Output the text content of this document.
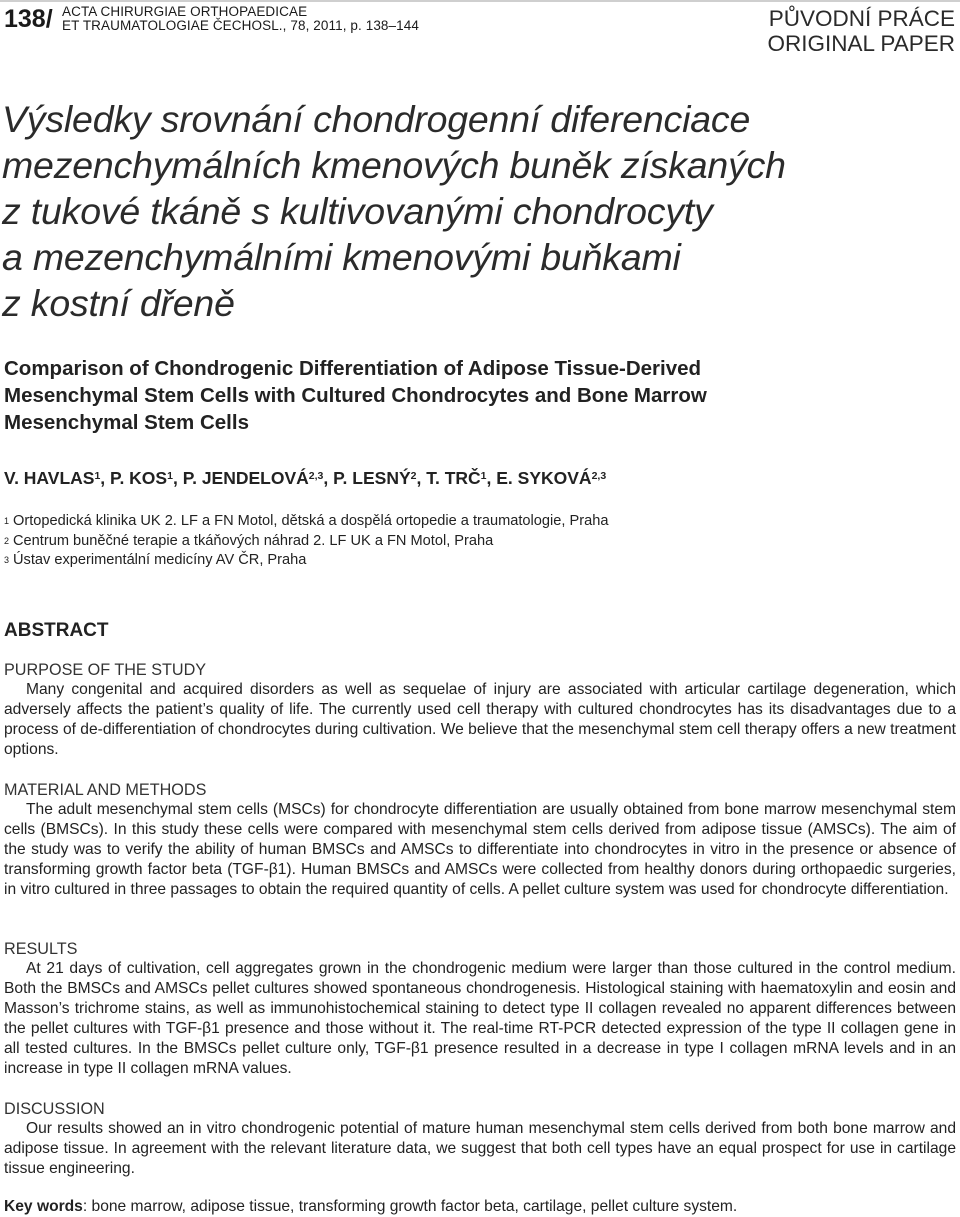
138/ ACTA CHIRURGIAE ORTHOPAEDICAE
ET TRAUMATOLOGIAE ČECHOSL., 78, 2011, p. 138–144	PŮVODNÍ PRÁCE
ORIGINAL PAPER
Výsledky srovnání chondrogenní diferenciace
mezenchymálních kmenových buněk získaných
z tukové tkáně s kultivovanými chondrocyty
a mezenchymálními kmenovými buňkami
z kostní dřeně
Comparison of Chondrogenic Differentiation of Adipose Tissue-Derived
Mesenchymal Stem Cells with Cultured Chondrocytes and Bone Marrow
Mesenchymal Stem Cells
V. HAVLAS$^1$, P. KOS$^1$, P. JENDELOVÁ$^{2,3}$, P. LESNÝ$^2$, T. TRČ$^1$, E. SYKOVÁ$^{2,3}$
$^1$ Ortopedická klinika UK 2. LF a FN Motol, dětská a dospělá ortopedie a traumatologie, Praha
$^2$ Centrum buněčné terapie a tkáňových náhrad 2. LF UK a FN Motol, Praha
$^3$ Ústav experimentální medicíny AV ČR, Praha
ABSTRACT
PURPOSE OF THE STUDY
Many congenital and acquired disorders as well as sequelae of injury are associated with articular cartilage degeneration, which adversely affects the patient’s quality of life. The currently used cell therapy with cultured chondrocytes has its disadvantages due to a process of de-differentiation of chondrocytes during cultivation. We believe that the mesenchymal stem cell therapy offers a new treatment options.
MATERIAL AND METHODS
The adult mesenchymal stem cells (MSCs) for chondrocyte differentiation are usually obtained from bone marrow mesenchymal stem cells (BMSCs). In this study these cells were compared with mesenchymal stem cells derived from adipose tissue (AMSCs). The aim of the study was to verify the ability of human BMSCs and AMSCs to differentiate into chondrocytes in vitro in the presence or absence of transforming growth factor beta (TGF-β1). Human BMSCs and AMSCs were collected from healthy donors during orthopaedic surgeries, in vitro cultured in three passages to obtain the required quantity of cells. A pellet culture system was used for chondrocyte differentiation.
RESULTS
At 21 days of cultivation, cell aggregates grown in the chondrogenic medium were larger than those cultured in the control medium. Both the BMSCs and AMSCs pellet cultures showed spontaneous chondrogenesis. Histological staining with haematoxylin and eosin and Masson’s trichrome stains, as well as immunohistochemical staining to detect type II collagen revealed no apparent differences between the pellet cultures with TGF-β1 presence and those without it. The real-time RT-PCR detected expression of the type II collagen gene in all tested cultures. In the BMSCs pellet culture only, TGF-β1 presence resulted in a decrease in type I collagen mRNA levels and in an increase in type II collagen mRNA values.
DISCUSSION
Our results showed an in vitro chondrogenic potential of mature human mesenchymal stem cells derived from both bone marrow and adipose tissue. In agreement with the relevant literature data, we suggest that both cell types have an equal prospect for use in cartilage tissue engineering.
Key words: bone marrow, adipose tissue, transforming growth factor beta, cartilage, pellet culture system.
